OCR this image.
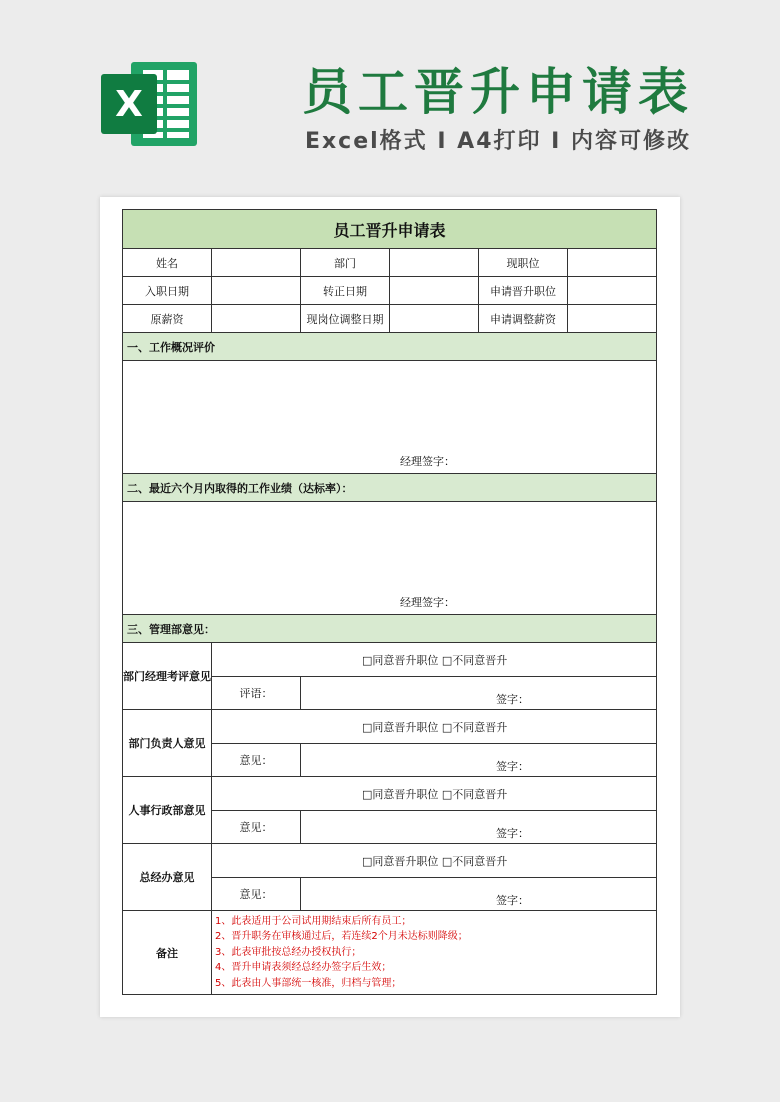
X	员工晋升申请表
Excel格式 I A4打印 I 内容可修改
员工晋升申请表					
姓名		部门		现职位	
入职日期		转正日期		申请晋升职位	
原薪资		现岗位调整日期		申请调整薪资	
一、工作概况评价					

经理签字：					

二、最近六个月内取得的工作业绩（达标率）：					

经理签字：					

三、管理部意见：					
部门经理考评意见	□同意晋升职位 □不同意晋升				
	评语：	签字：			

部门负责人意见	□同意晋升职位 □不同意晋升				
	意见：	签字：			

人事行政部意见	□同意晋升职位 □不同意晋升				
	意见：	签字：			

总经办意见	□同意晋升职位 □不同意晋升				
	意见：	签字：			

备注	1、此表适用于公司试用期结束后所有员工；
2、晋升职务在审核通过后，若连续2个月未达标则降级；
3、此表审批按总经办授权执行；
4、晋升申请表须经总经办签字后生效；
5、此表由人事部统一核准，归档与管理；				
